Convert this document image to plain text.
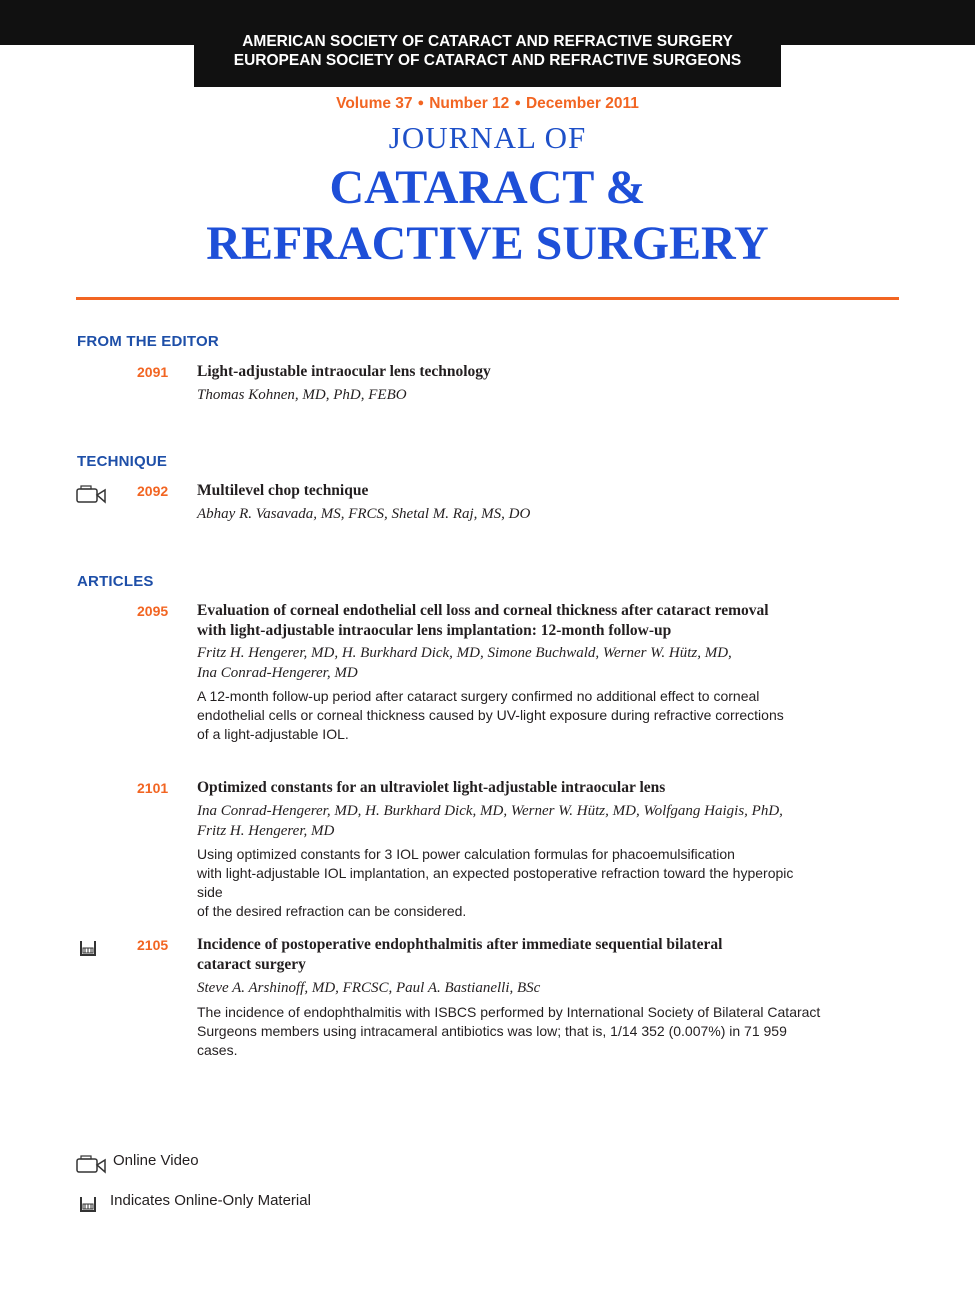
AMERICAN SOCIETY OF CATARACT AND REFRACTIVE SURGERY
EUROPEAN SOCIETY OF CATARACT AND REFRACTIVE SURGEONS
Volume 37 ● Number 12 ● December 2011
JOURNAL OF
CATARACT &
REFRACTIVE SURGERY
FROM THE EDITOR
2091 Light-adjustable intraocular lens technology
Thomas Kohnen, MD, PhD, FEBO
TECHNIQUE
2092 Multilevel chop technique
Abhay R. Vasavada, MS, FRCS, Shetal M. Raj, MS, DO
ARTICLES
2095 Evaluation of corneal endothelial cell loss and corneal thickness after cataract removal
with light-adjustable intraocular lens implantation: 12-month follow-up
Fritz H. Hengerer, MD, H. Burkhard Dick, MD, Simone Buchwald, Werner W. Hütz, MD,
Ina Conrad-Hengerer, MD
A 12-month follow-up period after cataract surgery confirmed no additional effect to corneal
endothelial cells or corneal thickness caused by UV-light exposure during refractive corrections
of a light-adjustable IOL.
2101 Optimized constants for an ultraviolet light-adjustable intraocular lens
Ina Conrad-Hengerer, MD, H. Burkhard Dick, MD, Werner W. Hütz, MD, Wolfgang Haigis, PhD,
Fritz H. Hengerer, MD
Using optimized constants for 3 IOL power calculation formulas for phacoemulsification
with light-adjustable IOL implantation, an expected postoperative refraction toward the hyperopic side
of the desired refraction can be considered.
2105 Incidence of postoperative endophthalmitis after immediate sequential bilateral
cataract surgery
Steve A. Arshinoff, MD, FRCSC, Paul A. Bastianelli, BSc
The incidence of endophthalmitis with ISBCS performed by International Society of Bilateral Cataract
Surgeons members using intracameral antibiotics was low; that is, 1/14 352 (0.007%) in 71 959
cases.
Online Video
Indicates Online-Only Material
